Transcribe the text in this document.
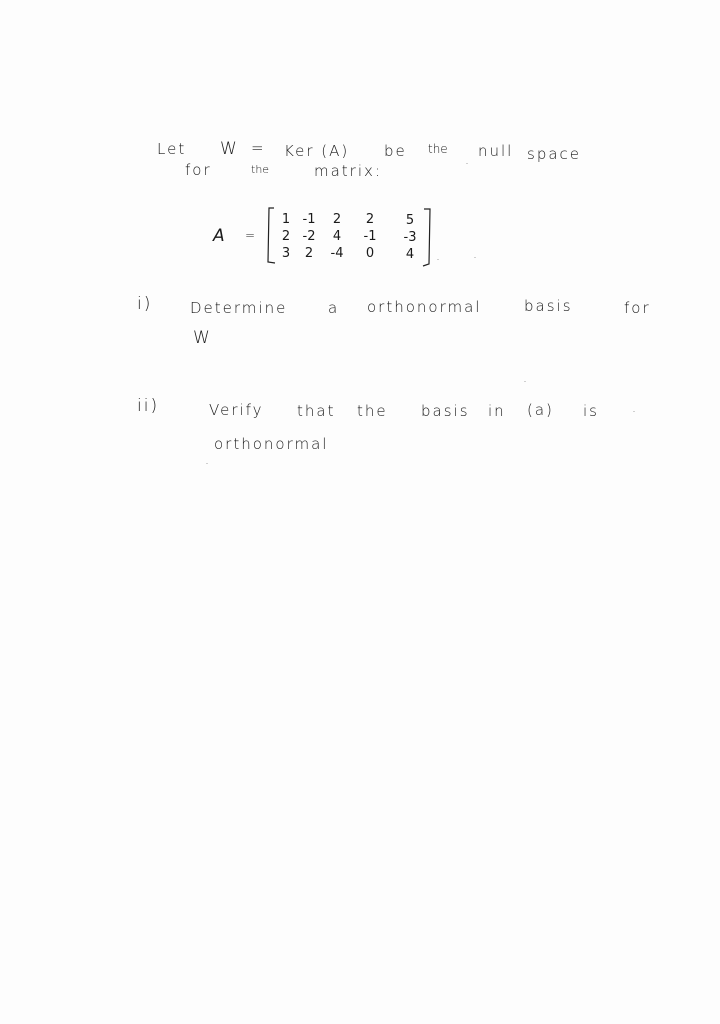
Let W = Ker (A) be the null space
for	the	matrix:
A =
1 -1	2	2	5
2 -2	4	-1	-3
3	2	-4	0	4
i)	Determine	a orthonormal	basis	for
W
ii)	Verify that the basis in (a) is
orthonormal
